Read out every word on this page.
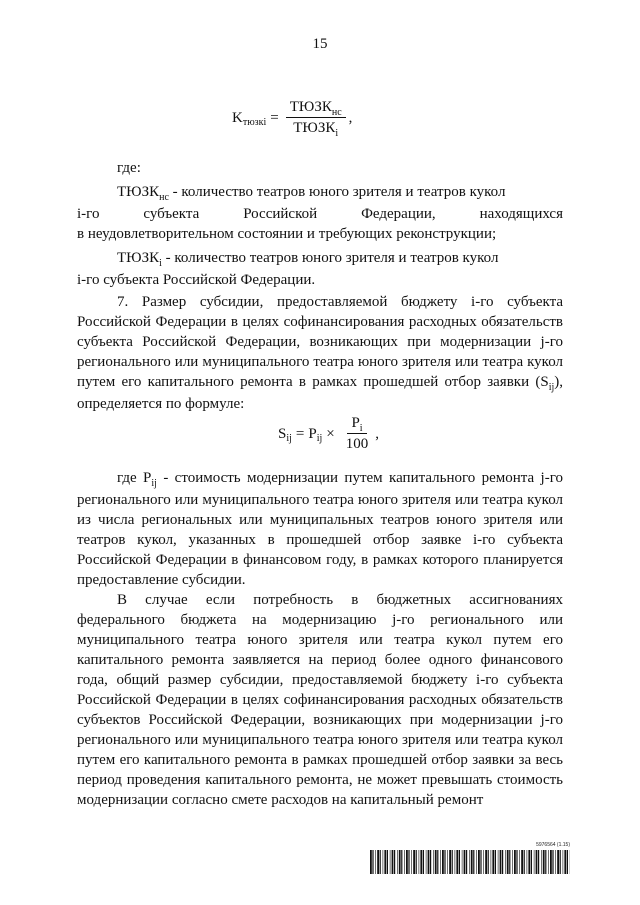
15
K тюзкi = $\frac{ТЮЗК_{нс}}{ТЮЗК_i}$ ,

где:

$ТЮЗК_{нс}$ - количество театров юного зрителя и театров кукол

i-го субъекта Российской Федерации, находящихся

в неудовлетворительном состоянии и требующих реконструкции;

$ТЮЗК_i$ - количество театров юного зрителя и театров кукол

i-го субъекта Российской Федерации.

7. Размер субсидии, предоставляемой бюджету i-го субъекта Российской Федерации в целях софинансирования расходных обязательств субъекта Российской Федерации, возникающих при модернизации j-го регионального или муниципального театра юного зрителя или театра кукол путем его капитального ремонта в рамках прошедшей отбор заявки $(S_{ij})$, определяется по формуле:

S ij = P ij × $\frac{P_i}{100}$ ,

где $P_{ij}$ - стоимость модернизации путем капитального ремонта j-го регионального или муниципального театра юного зрителя или театра кукол из числа региональных или муниципальных театров юного зрителя или театров кукол, указанных в прошедшей отбор заявке i-го субъекта Российской Федерации в финансовом году, в рамках которого планируется предоставление субсидии.

В случае если потребность в бюджетных ассигнованиях федерального бюджета на модернизацию j-го регионального или муниципального театра юного зрителя или театра кукол путем его капитального ремонта заявляется на период более одного финансового года, общий размер субсидии, предоставляемой бюджету i-го субъекта Российской Федерации в целях софинансирования расходных обязательств субъектов Российской Федерации, возникающих при модернизации j-го регионального или муниципального театра юного зрителя или театра кукол путем его капитального ремонта в рамках прошедшей отбор заявки за весь период проведения капитального ремонта, не может превышать стоимость модернизации согласно смете расходов на капитальный ремонт

5976564 (1.15)
